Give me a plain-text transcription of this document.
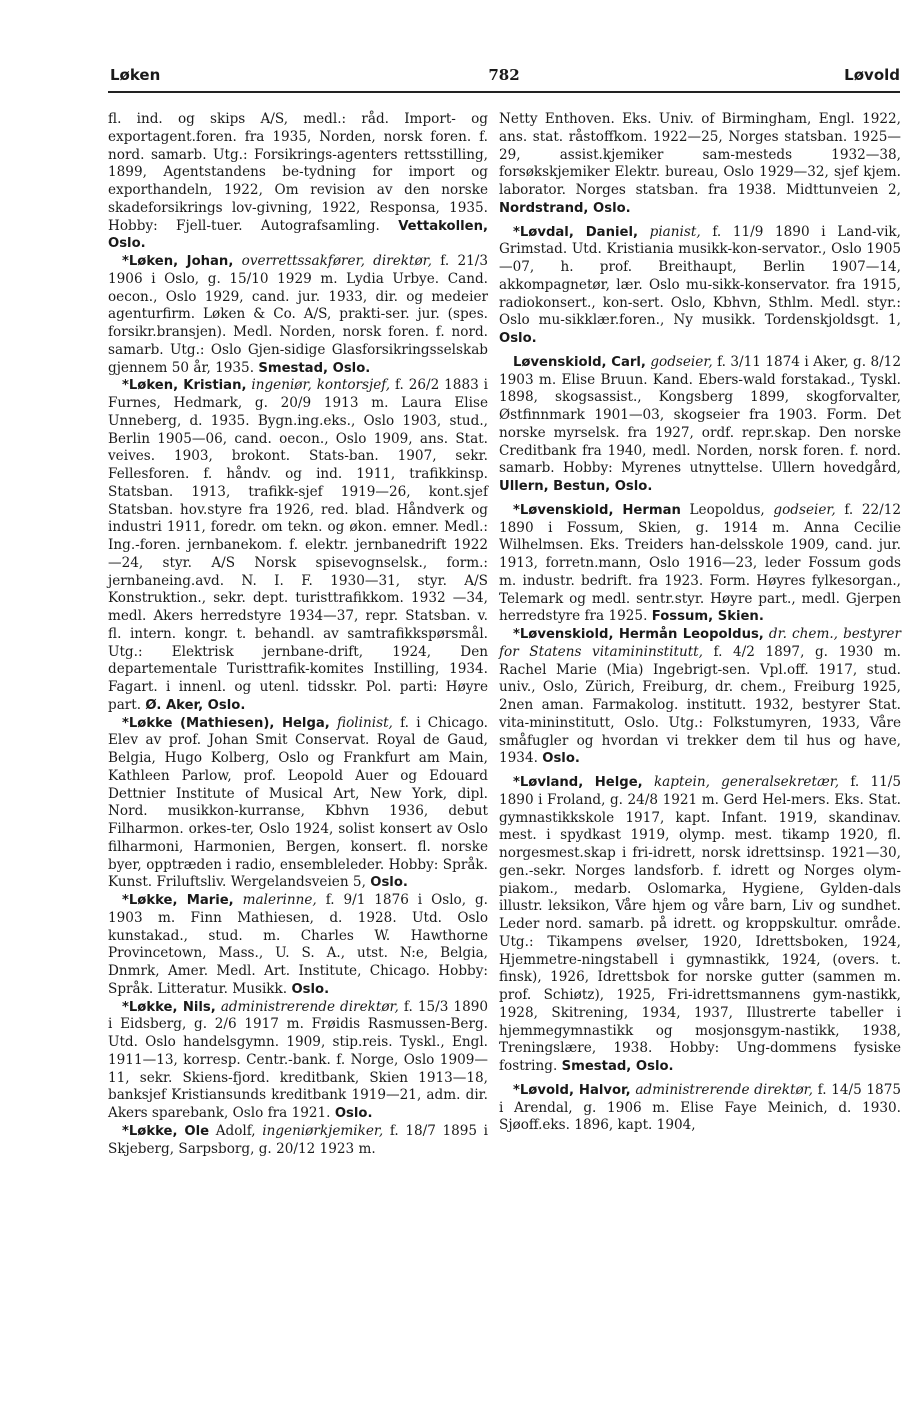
Løken	782	Løvold

fl. ind. og skips A/S, medl.: råd. Import- og exportagent.foren. fra 1935, Norden, norsk foren. f. nord. samarb. Utg.: Forsikrings-agenters rettsstilling, 1899, Agentstandens be-tydning for import og exporthandeln, 1922, Om revision av den norske skadeforsikrings lov-givning, 1922, Responsa, 1935. Hobby: Fjell-tuer. Autografsamling. Vettakollen, Oslo.

*Løken, Johan, overrettssakfører, direktør, f. 21/3 1906 i Oslo, g. 15/10 1929 m. Lydia Urbye. Cand. oecon., Oslo 1929, cand. jur. 1933, dir. og medeier agenturfirm. Løken & Co. A/S, prakti-ser. jur. (spes. forsikr.bransjen). Medl. Norden, norsk foren. f. nord. samarb. Utg.: Oslo Gjen-sidige Glasforsikringsselskab gjennem 50 år, 1935. Smestad, Oslo.

*Løken, Kristian, ingeniør, kontorsjef, f. 26/2 1883 i Furnes, Hedmark, g. 20/9 1913 m. Laura Elise Unneberg, d. 1935. Bygn.ing.eks., Oslo 1903, stud., Berlin 1905—06, cand. oecon., Oslo 1909, ans. Stat. veives. 1903, brokont. Stats-ban. 1907, sekr. Fellesforen. f. håndv. og ind. 1911, trafikkinsp. Statsban. 1913, trafikk-sjef 1919—26, kont.sjef Statsban. hov.styre fra 1926, red. blad. Håndverk og industri 1911, foredr. om tekn. og økon. emner. Medl.: Ing.-foren. jernbanekom. f. elektr. jernbanedrift 1922 —24, styr. A/S Norsk spisevognselsk., form.: jernbaneing.avd. N. I. F. 1930—31, styr. A/S Konstruktion., sekr. dept. turisttrafikkom. 1932 —34, medl. Akers herredstyre 1934—37, repr. Statsban. v. fl. intern. kongr. t. behandl. av samtrafikkspørsmål. Utg.: Elektrisk jernbane-drift, 1924, Den departementale Turisttrafik-komites Instilling, 1934. Fagart. i innenl. og utenl. tidsskr. Pol. parti: Høyre part. Ø. Aker, Oslo.

*Løkke (Mathiesen), Helga, fiolinist, f. i Chicago. Elev av prof. Johan Smit Conservat. Royal de Gaud, Belgia, Hugo Kolberg, Oslo og Frankfurt am Main, Kathleen Parlow, prof. Leopold Auer og Edouard Dettnier Institute of Musical Art, New York, dipl. Nord. musikkon-kurranse, Kbhvn 1936, debut Filharmon. orkes-ter, Oslo 1924, solist konsert av Oslo filharmoni, Harmonien, Bergen, konsert. fl. norske byer, opptræden i radio, ensembleleder. Hobby: Språk. Kunst. Friluftsliv. Wergelandsveien 5, Oslo.

*Løkke, Marie, malerinne, f. 9/1 1876 i Oslo, g. 1903 m. Finn Mathiesen, d. 1928. Utd. Oslo kunstakad., stud. m. Charles W. Hawthorne Provincetown, Mass., U. S. A., utst. N:e, Belgia, Dnmrk, Amer. Medl. Art. Institute, Chicago. Hobby: Språk. Litteratur. Musikk. Oslo.

*Løkke, Nils, administrerende direktør, f. 15/3 1890 i Eidsberg, g. 2/6 1917 m. Frøidis Rasmussen-Berg. Utd. Oslo handelsgymn. 1909, stip.reis. Tyskl., Engl. 1911—13, korresp. Centr.-bank. f. Norge, Oslo 1909—11, sekr. Skiens-fjord. kreditbank, Skien 1913—18, banksjef Kristiansunds kreditbank 1919—21, adm. dir. Akers sparebank, Oslo fra 1921. Oslo.

*Løkke, Ole Adolf, ingeniørkjemiker, f. 18/7 1895 i Skjeberg, Sarpsborg, g. 20/12 1923 m.

Netty Enthoven. Eks. Univ. of Birmingham, Engl. 1922, ans. stat. råstoffkom. 1922—25, Norges statsban. 1925—29, assist.kjemiker sam-mesteds 1932—38, forsøkskjemiker Elektr. bureau, Oslo 1929—32, sjef kjem. laborator. Norges statsban. fra 1938. Midttunveien 2, Nordstrand, Oslo.

*Løvdal, Daniel, pianist, f. 11/9 1890 i Land-vik, Grimstad. Utd. Kristiania musikk-kon-servator., Oslo 1905—07, h. prof. Breithaupt, Berlin 1907—14, akkompagnetør, lær. Oslo mu-sikk-konservator. fra 1915, radiokonsert., kon-sert. Oslo, Kbhvn, Sthlm. Medl. styr.: Oslo mu-sikklær.foren., Ny musikk. Tordenskjoldsgt. 1, Oslo.

Løvenskiold, Carl, godseier, f. 3/11 1874 i Aker, g. 8/12 1903 m. Elise Bruun. Kand. Ebers-wald forstakad., Tyskl. 1898, skogsassist., Kongsberg 1899, skogforvalter, Østfinnmark 1901—03, skogseier fra 1903. Form. Det norske myrselsk. fra 1927, ordf. repr.skap. Den norske Creditbank fra 1940, medl. Norden, norsk foren. f. nord. samarb. Hobby: Myrenes utnyttelse. Ullern hovedgård, Ullern, Bestun, Oslo.

*Løvenskiold, Herman Leopoldus, godseier, f. 22/12 1890 i Fossum, Skien, g. 1914 m. Anna Cecilie Wilhelmsen. Eks. Treiders han-delsskole 1909, cand. jur. 1913, forretn.mann, Oslo 1916—23, leder Fossum gods m. industr. bedrift. fra 1923. Form. Høyres fylkesorgan., Telemark og medl. sentr.styr. Høyre part., medl. Gjerpen herredstyre fra 1925. Fossum, Skien.

*Løvenskiold, Hermån Leopoldus, dr. chem., bestyrer for Statens vitamininstitutt, f. 4/2 1897, g. 1930 m. Rachel Marie (Mia) Ingebrigt-sen. Vpl.off. 1917, stud. univ., Oslo, Zürich, Freiburg, dr. chem., Freiburg 1925, 2nen aman. Farmakolog. institutt. 1932, bestyrer Stat. vita-mininstitutt, Oslo. Utg.: Folkstumyren, 1933, Våre småfugler og hvordan vi trekker dem til hus og have, 1934. Oslo.

*Løvland, Helge, kaptein, generalsekretær, f. 11/5 1890 i Froland, g. 24/8 1921 m. Gerd Hel-mers. Eks. Stat. gymnastikkskole 1917, kapt. Infant. 1919, skandinav. mest. i spydkast 1919, olymp. mest. tikamp 1920, fl. norgesmest.skap i fri-idrett, norsk idrettsinsp. 1921—30, gen.-sekr. Norges landsforb. f. idrett og Norges olym-piakom., medarb. Oslomarka, Hygiene, Gylden-dals illustr. leksikon, Våre hjem og våre barn, Liv og sundhet. Leder nord. samarb. på idrett. og kroppskultur. område. Utg.: Tikampens øvelser, 1920, Idrettsboken, 1924, Hjemmetre-ningstabell i gymnastikk, 1924, (overs. t. finsk), 1926, Idrettsbok for norske gutter (sammen m. prof. Schiøtz), 1925, Fri-idrettsmannens gym-nastikk, 1928, Skitrening, 1934, 1937, Illustrerte tabeller i hjemmegymnastikk og mosjonsgym-nastikk, 1938, Treningslære, 1938. Hobby: Ung-dommens fysiske fostring. Smestad, Oslo.

*Løvold, Halvor, administrerende direktør, f. 14/5 1875 i Arendal, g. 1906 m. Elise Faye Meinich, d. 1930. Sjøoff.eks. 1896, kapt. 1904,
